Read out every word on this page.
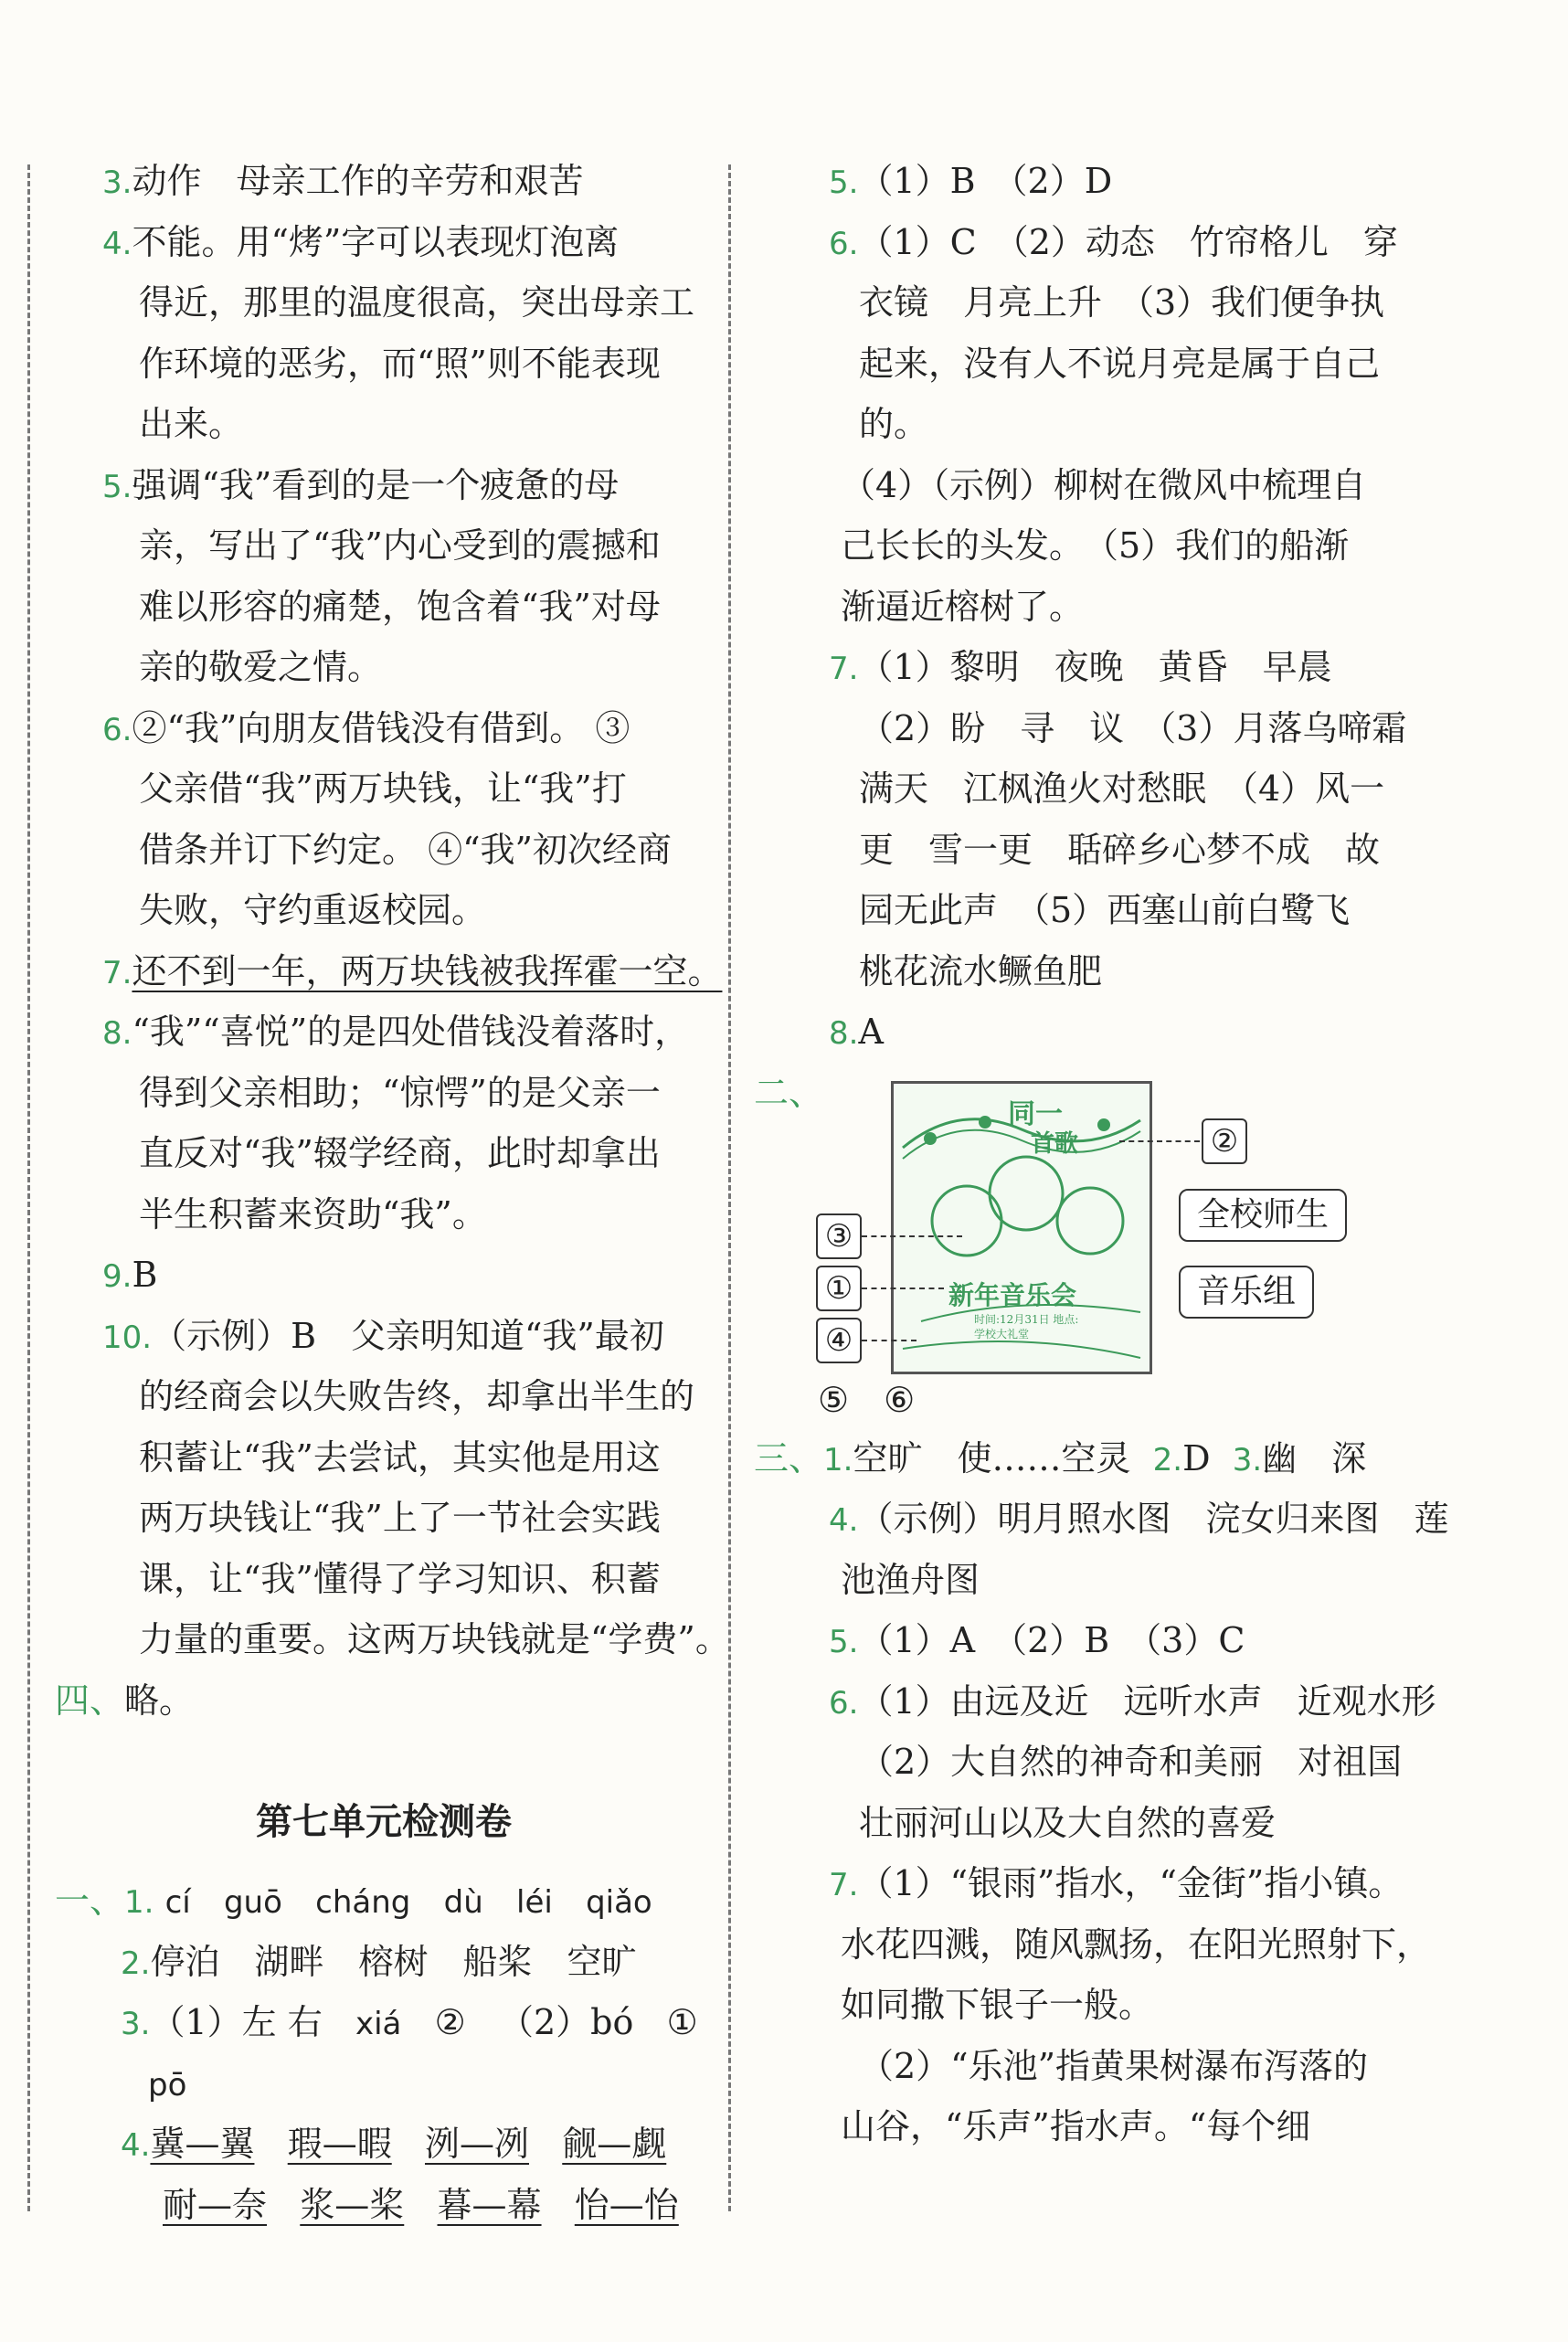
3.动作　母亲工作的辛劳和艰苦
4.不能。用“烤”字可以表现灯泡离
得近，那里的温度很高，突出母亲工
作环境的恶劣，而“照”则不能表现
出来。
5.强调“我”看到的是一个疲惫的母
亲，写出了“我”内心受到的震撼和
难以形容的痛楚，饱含着“我”对母
亲的敬爱之情。
6.②“我”向朋友借钱没有借到。 ③
父亲借“我”两万块钱，让“我”打
借条并订下约定。 ④“我”初次经商
失败，守约重返校园。
7.还不到一年，两万块钱被我挥霍一空。
8.“我”“喜悦”的是四处借钱没着落时，
得到父亲相助；“惊愕”的是父亲一
直反对“我”辍学经商，此时却拿出
半生积蓄来资助“我”。
9.B
10.（示例）B　父亲明知道“我”最初
的经商会以失败告终，却拿出半生的
积蓄让“我”去尝试，其实他是用这
两万块钱让“我”上了一节社会实践
课，让“我”懂得了学习知识、积蓄
力量的重要。这两万块钱就是“学费”。
四、略。
第七单元检测卷
一、1. cí guō cháng dù léi qiǎo
2.停泊　湖畔　榕树　船桨　空旷
3.（1）左 右 xiá ② （2）bó ①
pō
4.冀—翼 瑕—暇 洌—冽 觎—觑
耐—奈 浆—桨 暮—幕 怡—怡
5.（1）B　（2）D
6.（1）C　（2）动态　竹帘格儿　穿
衣镜　月亮上升　（3）我们便争执
起来，没有人不说月亮是属于自己
的。
（4）（示例）柳树在微风中梳理自
己长长的头发。　（5）我们的船渐
渐逼近榕树了。
7.（1）黎明　夜晚　黄昏　早晨
（2）盼　寻　议　（3）月落乌啼霜
满天　江枫渔火对愁眠　（4）风一
更　雪一更　聒碎乡心梦不成　故
园无此声　（5）西塞山前白鹭飞
桃花流水鳜鱼肥
8.A
二、
同一
首歌
新年音乐会
时间:12月31日 地点:学校大礼堂
②
全校师生
音乐组
③
①
④
⑤　⑥
三、1.空旷　使……空灵 2.D 3.幽　深
4.（示例）明月照水图　浣女归来图　莲
池渔舟图
5.（1）A　（2）B　（3）C
6.（1）由远及近　远听水声　近观水形
（2）大自然的神奇和美丽　对祖国
壮丽河山以及大自然的喜爱
7.（1）“银雨”指水，“金街”指小镇。
水花四溅，随风飘扬，在阳光照射下，
如同撒下银子一般。
（2）“乐池”指黄果树瀑布泻落的
山谷，“乐声”指水声。“每个细
